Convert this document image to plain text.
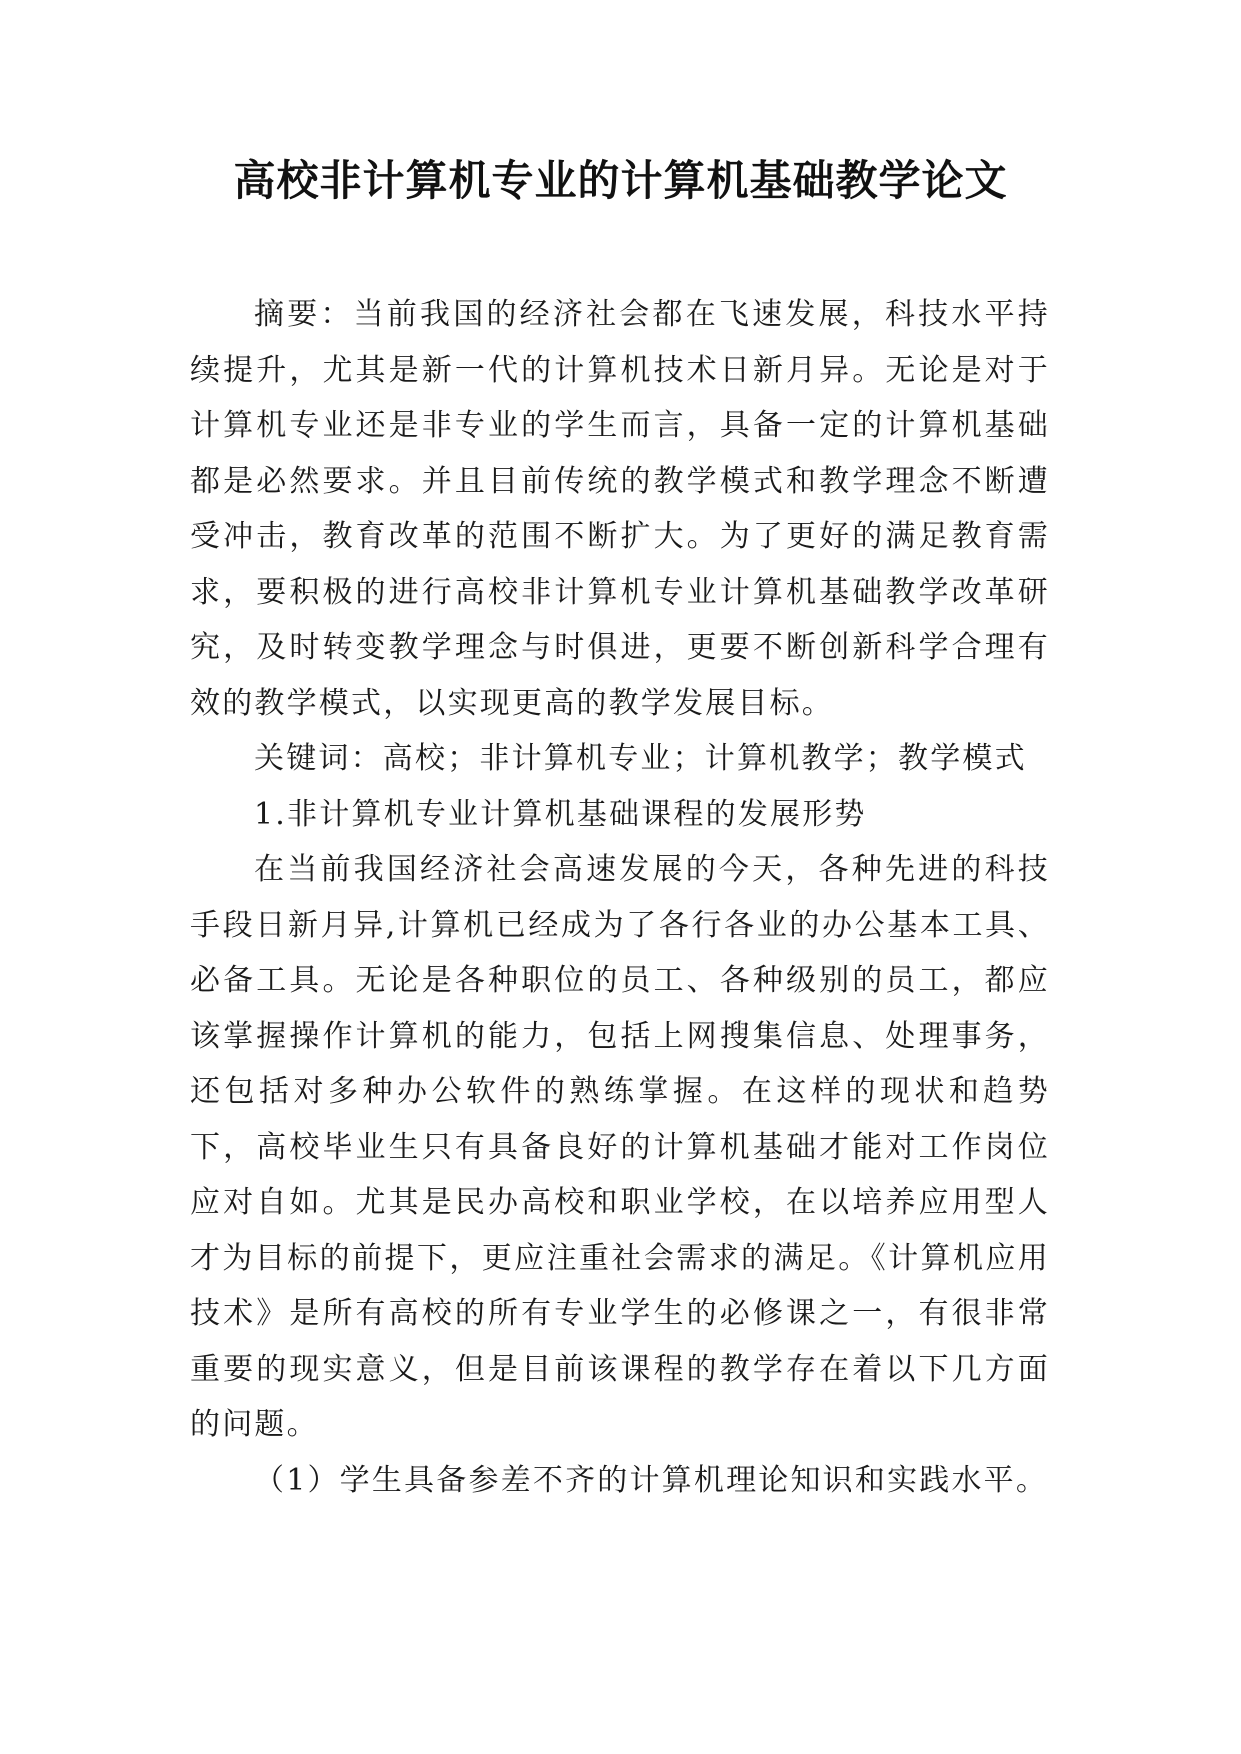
高校非计算机专业的计算机基础教学论文

摘要：当前我国的经济社会都在飞速发展，科技水平持续提升，尤其是新一代的计算机技术日新月异。无论是对于计算机专业还是非专业的学生而言，具备一定的计算机基础都是必然要求。并且目前传统的教学模式和教学理念不断遭受冲击，教育改革的范围不断扩大。为了更好的满足教育需求，要积极的进行高校非计算机专业计算机基础教学改革研究，及时转变教学理念与时俱进，更要不断创新科学合理有效的教学模式，以实现更高的教学发展目标。

关键词：高校；非计算机专业；计算机教学；教学模式

1.非计算机专业计算机基础课程的发展形势

在当前我国经济社会高速发展的今天，各种先进的科技手段日新月异,计算机已经成为了各行各业的办公基本工具、必备工具。无论是各种职位的员工、各种级别的员工，都应该掌握操作计算机的能力，包括上网搜集信息、处理事务，还包括对多种办公软件的熟练掌握。在这样的现状和趋势下，高校毕业生只有具备良好的计算机基础才能对工作岗位应对自如。尤其是民办高校和职业学校，在以培养应用型人才为目标的前提下，更应注重社会需求的满足。《计算机应用技术》是所有高校的所有专业学生的必修课之一，有很非常重要的现实意义，但是目前该课程的教学存在着以下几方面的问题。

（1）学生具备参差不齐的计算机理论知识和实践水平。
